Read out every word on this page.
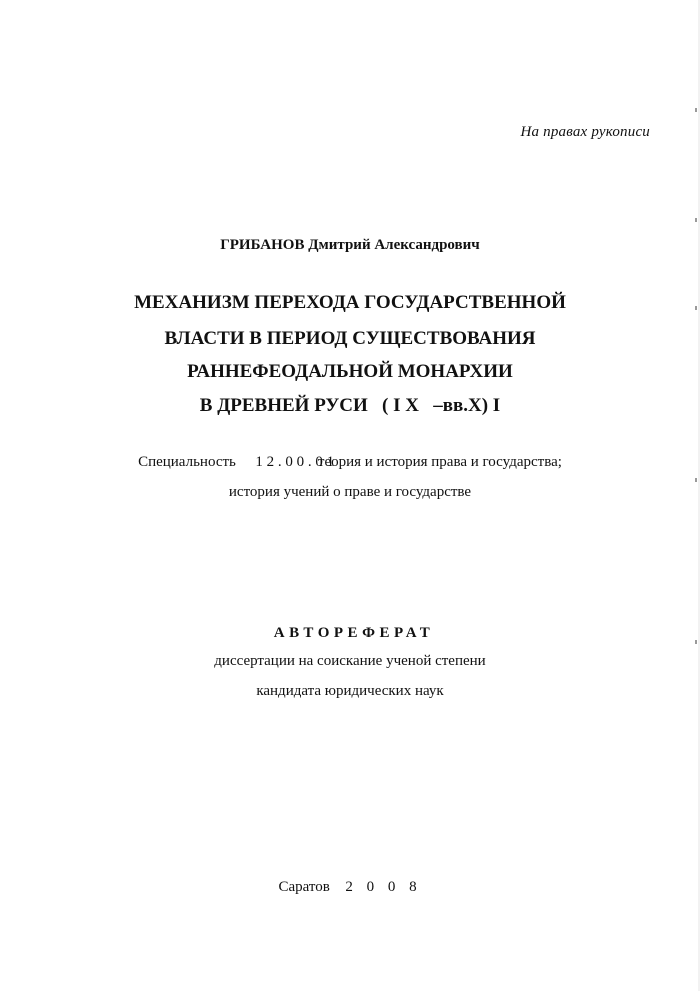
На правах рукописи
ГРИБАНОВ Дмитрий Александрович
МЕХАНИЗМ ПЕРЕХОДА ГОСУДАРСТВЕННОЙ
ВЛАСТИ В ПЕРИОД СУЩЕСТВОВАНИЯ
РАННЕФЕОДАЛЬНОЙ МОНАРХИИ
В ДРЕВНЕЙ РУСИ   ( I X   –вв.X) I
Специальность 1 2 . 0 0 . 0 1 теория и история права и государства;
история учений о праве и государстве
АВТОРЕФЕРАТ
диссертации на соискание ученой степени
кандидата юридических наук
Саратов 2 0 0 8
